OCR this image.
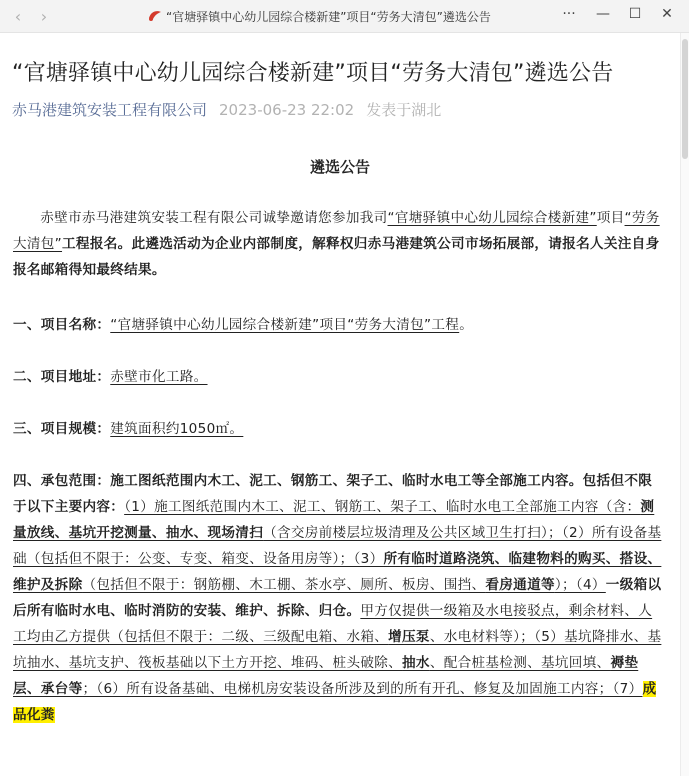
‹	›	“官塘驿镇中心幼儿园综合楼新建”项目“劳务大清包”遴选公告	···	—	☐	✕
“官塘驿镇中心幼儿园综合楼新建”项目“劳务大清包”遴选公告
赤马港建筑安装工程有限公司 2023-06-23 22:02 发表于湖北
遴选公告
赤壁市赤马港建筑安装工程有限公司诚挚邀请您参加我司“官塘驿镇中心幼儿园综合楼新建”项目“劳务大清包”工程报名。此遴选活动为企业内部制度，解释权归赤马港建筑公司市场拓展部，请报名人关注自身报名邮箱得知最终结果。
一、项目名称：“官塘驿镇中心幼儿园综合楼新建”项目“劳务大清包”工程。
二、项目地址：赤壁市化工路。
三、项目规模：建筑面积约1050㎡。
四、承包范围：施工图纸范围内木工、泥工、钢筋工、架子工、临时水电工等全部施工内容。包括但不限于以下主要内容：（1）施工图纸范围内木工、泥工、钢筋工、架子工、临时水电工全部施工内容（含：测量放线、基坑开挖测量、抽水、现场清扫（含交房前楼层垃圾清理及公共区域卫生打扫）；（2）所有设备基础（包括但不限于：公变、专变、箱变、设备用房等）；（3）所有临时道路浇筑、临建物料的购买、搭设、维护及拆除（包括但不限于：钢筋棚、木工棚、茶水亭、厕所、板房、围挡、看房通道等）；（4）一级箱以后所有临时水电、临时消防的安装、维护、拆除、归仓。甲方仅提供一级箱及水电接驳点，剩余材料、人工均由乙方提供（包括但不限于：二级、三级配电箱、水箱、增压泵、水电材料等）；（5）基坑降排水、基坑抽水、基坑支护、筏板基础以下土方开挖、堆码、桩头破除、抽水、配合桩基检测、基坑回填、褥垫层、承台等；（6）所有设备基础、电梯机房安装设备所涉及到的所有开孔、修复及加固施工内容；（7）成品化粪
